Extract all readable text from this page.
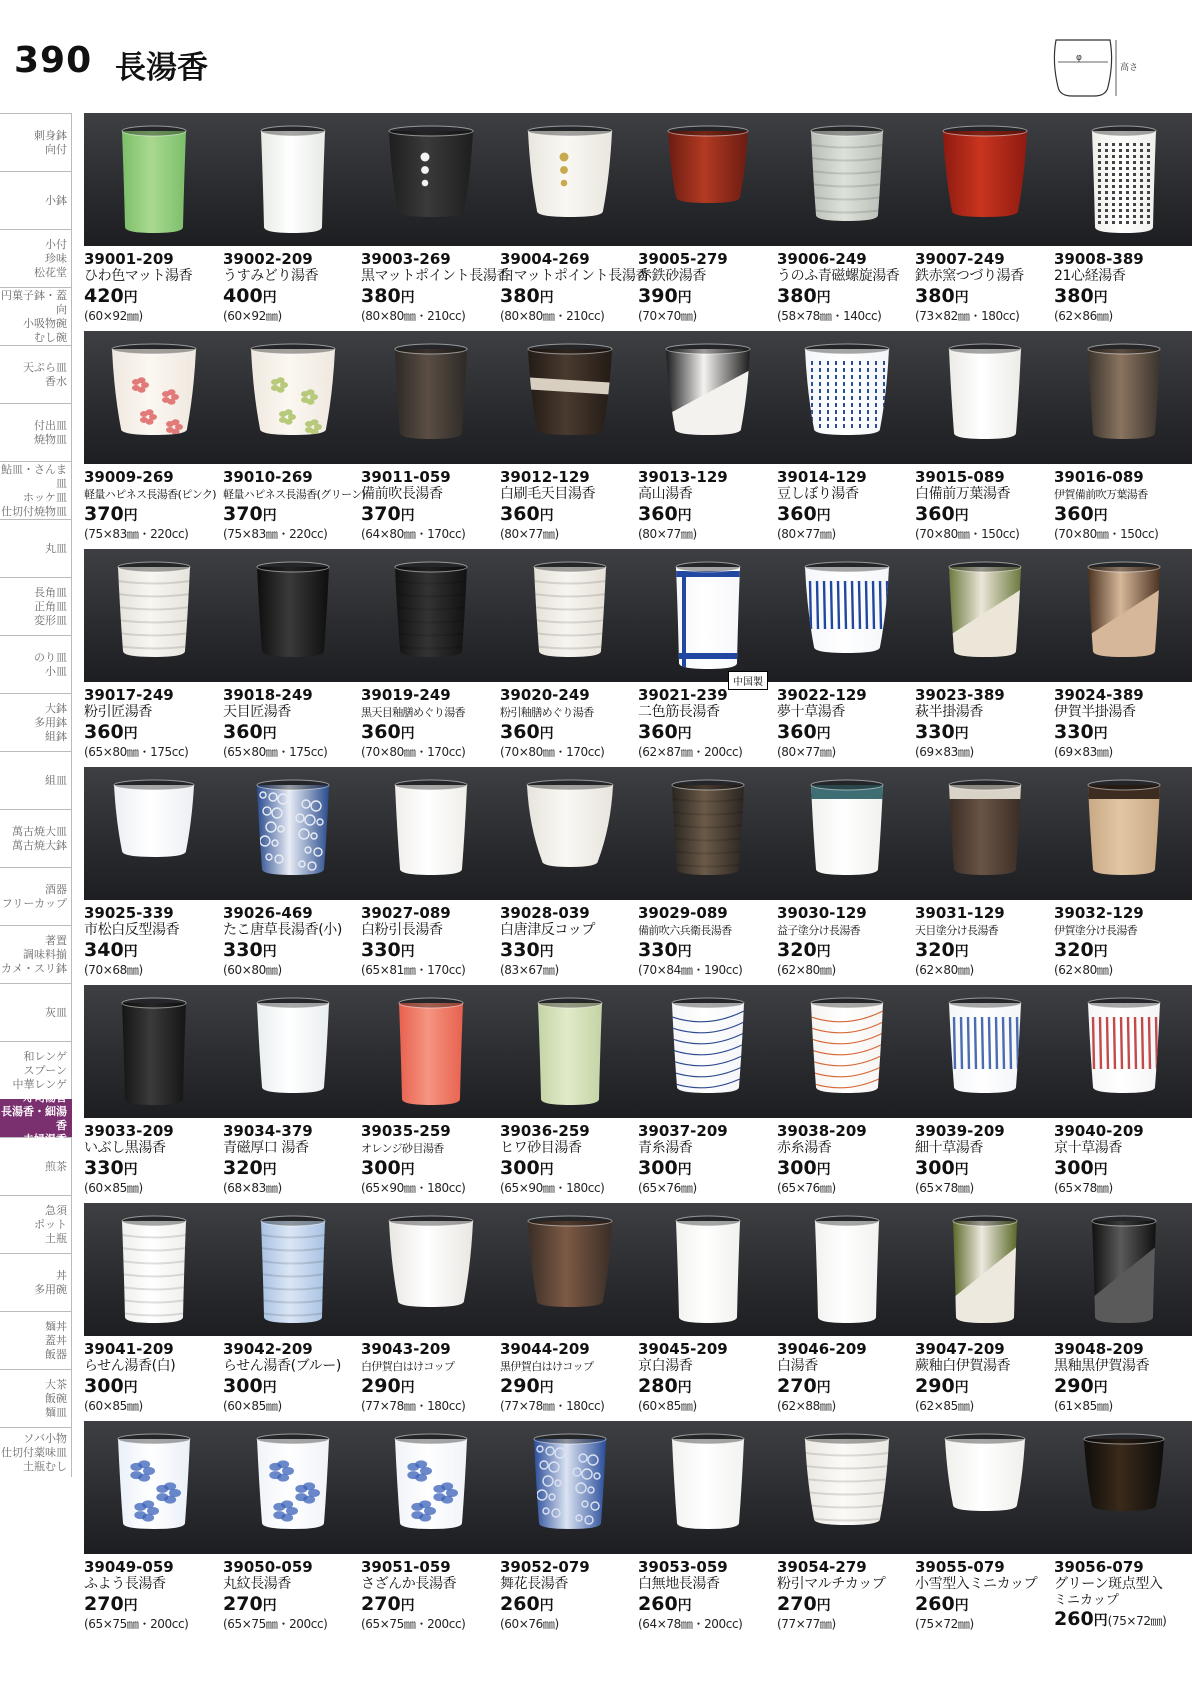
390 長湯香	φ
高さ
刺身鉢
向付
小鉢
小付
珍味
松花堂
円菓子鉢・蓋向
小吸物碗
むし碗
天ぷら皿
香水
付出皿
焼物皿
鮎皿・さんま皿
ホッケ皿
仕切付焼物皿
丸皿
長角皿
正角皿
変形皿
のり皿
小皿
大鉢
多用鉢
組鉢
組皿
萬古焼大皿
萬古焼大鉢
酒器
フリーカップ
著置
調味料揃
カメ・スリ鉢
灰皿
和レンゲ
スプーン
中華レンゲ
寿司湯香
長湯香・細湯香
夫婦湯香
煎茶
急須
ポット
土瓶
丼
多用碗
麺丼
蓋丼
飯器
大茶
飯碗
麺皿
ソバ小物
仕切付薬味皿
土瓶むし
39001-209
ひわ色マット湯香
420円
(60×92㎜)
39002-209
うすみどり湯香
400円
(60×92㎜)
39003-269
黒マットポイント長湯香
380円
(80×80㎜・210cc)
39004-269
白マットポイント長湯香
380円
(80×80㎜・210cc)
39005-279
赤鉄砂湯香
390円
(70×70㎜)
39006-249
うのふ青磁螺旋湯香
380円
(58×78㎜・140cc)
39007-249
鉄赤窯つづり湯香
380円
(73×82㎜・180cc)
39008-389
21心経湯香
380円
(62×86㎜)
39009-269
軽量ハピネス長湯香(ピンク)
370円
(75×83㎜・220cc)
39010-269
軽量ハピネス長湯香(グリーン)
370円
(75×83㎜・220cc)
39011-059
備前吹長湯香
370円
(64×80㎜・170cc)
39012-129
白刷毛天目湯香
360円
(80×77㎜)
39013-129
高山湯香
360円
(80×77㎜)
39014-129
豆しぼり湯香
360円
(80×77㎜)
39015-089
白備前万葉湯香
360円
(70×80㎜・150cc)
39016-089
伊賀備前吹万葉湯香
360円
(70×80㎜・150cc)
39017-249
粉引匠湯香
360円
(65×80㎜・175cc)
39018-249
天目匠湯香
360円
(65×80㎜・175cc)
39019-249
黒天目釉膳めぐり湯香
360円
(70×80㎜・170cc)
39020-249
粉引釉膳めぐり湯香
360円
(70×80㎜・170cc)
中国製
39021-239
二色筋長湯香
360円
(62×87㎜・200cc)
39022-129
夢十草湯香
360円
(80×77㎜)
39023-389
萩半掛湯香
330円
(69×83㎜)
39024-389
伊賀半掛湯香
330円
(69×83㎜)
39025-339
市松白反型湯香
340円
(70×68㎜)
39026-469
たこ唐草長湯香(小)
330円
(60×80㎜)
39027-089
白粉引長湯香
330円
(65×81㎜・170cc)
39028-039
白唐津反コップ
330円
(83×67㎜)
39029-089
備前吹六兵衛長湯香
330円
(70×84㎜・190cc)
39030-129
益子塗分け長湯香
320円
(62×80㎜)
39031-129
天目塗分け長湯香
320円
(62×80㎜)
39032-129
伊賀塗分け長湯香
320円
(62×80㎜)
39033-209
いぶし黒湯香
330円
(60×85㎜)
39034-379
青磁厚口 湯香
320円
(68×83㎜)
39035-259
オレンジ砂目湯香
300円
(65×90㎜・180cc)
39036-259
ヒワ砂目湯香
300円
(65×90㎜・180cc)
39037-209
青糸湯香
300円
(65×76㎜)
39038-209
赤糸湯香
300円
(65×76㎜)
39039-209
細十草湯香
300円
(65×78㎜)
39040-209
京十草湯香
300円
(65×78㎜)
39041-209
らせん湯香(白)
300円
(60×85㎜)
39042-209
らせん湯香(ブルー)
300円
(60×85㎜)
39043-209
白伊賀白はけコップ
290円
(77×78㎜・180cc)
39044-209
黒伊賀白はけコップ
290円
(77×78㎜・180cc)
39045-209
京白湯香
280円
(60×85㎜)
39046-209
白湯香
270円
(62×88㎜)
39047-209
蕨釉白伊賀湯香
290円
(62×85㎜)
39048-209
黒釉黒伊賀湯香
290円
(61×85㎜)
39049-059
ふよう長湯香
270円
(65×75㎜・200cc)
39050-059
丸紋長湯香
270円
(65×75㎜・200cc)
39051-059
さざんか長湯香
270円
(65×75㎜・200cc)
39052-079
舞花長湯香
260円
(60×76㎜)
39053-059
白無地長湯香
260円
(64×78㎜・200cc)
39054-279
粉引マルチカップ
270円
(77×77㎜)
39055-079
小雪型入ミニカップ
260円
(75×72㎜)
39056-079
グリーン斑点型入
ミニカップ
260円(75×72㎜)
